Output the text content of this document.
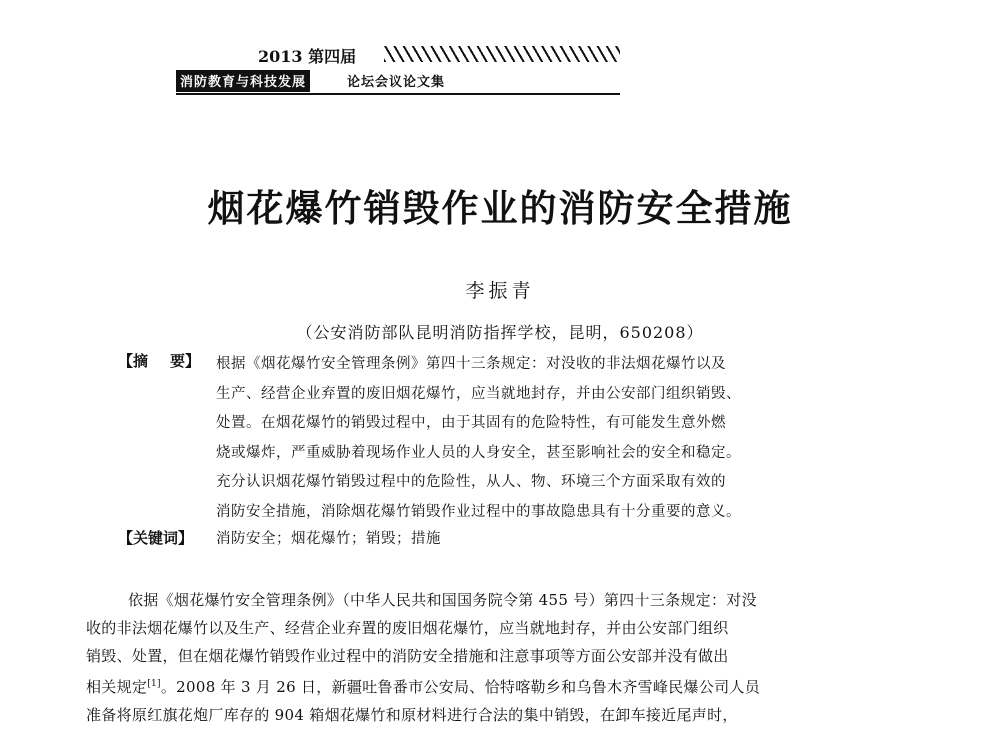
2013 第四届
消防教育与科技发展	论坛会议论文集
烟花爆竹销毁作业的消防安全措施
李振青
（公安消防部队昆明消防指挥学校，昆明，650208）
【摘 要】 根据《烟花爆竹安全管理条例》第四十三条规定：对没收的非法烟花爆竹以及
生产、经营企业弃置的废旧烟花爆竹，应当就地封存，并由公安部门组织销毁、
处置。在烟花爆竹的销毁过程中，由于其固有的危险特性，有可能发生意外燃
烧或爆炸，严重威胁着现场作业人员的人身安全，甚至影响社会的安全和稳定。
充分认识烟花爆竹销毁过程中的危险性，从人、物、环境三个方面采取有效的
消防安全措施，消除烟花爆竹销毁作业过程中的事故隐患具有十分重要的意义。
【关键词】 消防安全；烟花爆竹；销毁；措施
依据《烟花爆竹安全管理条例》（中华人民共和国国务院令第 455 号）第四十三条规定：对没
收的非法烟花爆竹以及生产、经营企业弃置的废旧烟花爆竹，应当就地封存，并由公安部门组织
销毁、处置，但在烟花爆竹销毁作业过程中的消防安全措施和注意事项等方面公安部并没有做出
相关规定[1]。2008 年 3 月 26 日，新疆吐鲁番市公安局、恰特喀勒乡和乌鲁木齐雪峰民爆公司人员
准备将原红旗花炮厂库存的 904 箱烟花爆竹和原材料进行合法的集中销毁，在卸车接近尾声时，
